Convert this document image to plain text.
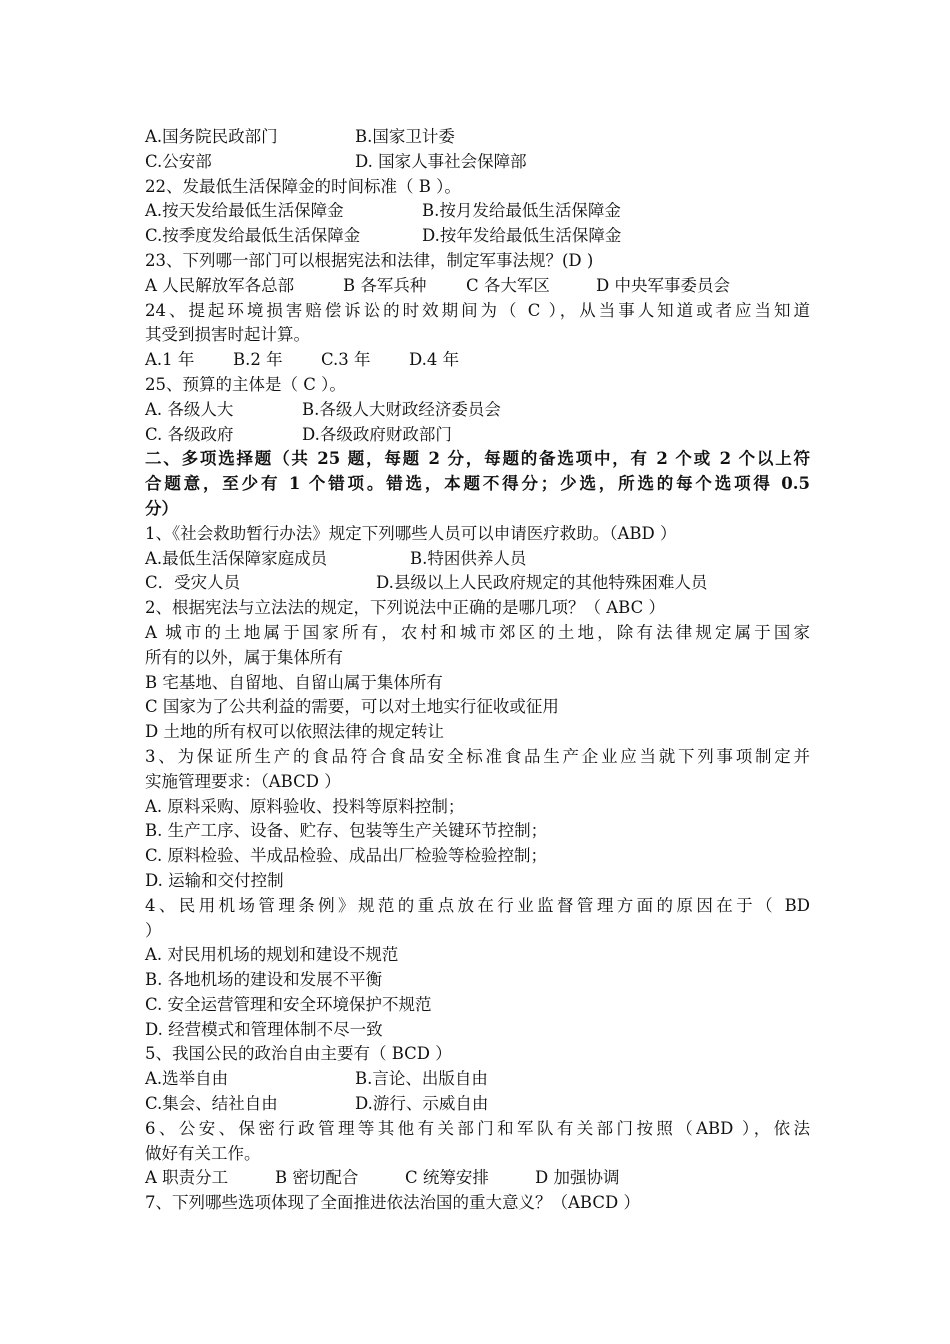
A.国务院民政部门	B.国家卫计委
C.公安部	D. 国家人事社会保障部
22、发最低生活保障金的时间标准（ B ）。
A.按天发给最低生活保障金	B.按月发给最低生活保障金
C.按季度发给最低生活保障金	D.按年发给最低生活保障金
23、下列哪一部门可以根据宪法和法律，制定军事法规？(D )
A 人民解放军各总部	B 各军兵种	C 各大军区	D 中央军事委员会
24、提起环境损害赔偿诉讼的时效期间为（ C ），从当事人知道或者应当知道
其受到损害时起计算。
A.1 年	B.2 年	C.3 年	D.4 年
25、预算的主体是（ C ）。
A. 各级人大	B.各级人大财政经济委员会
C. 各级政府	D.各级政府财政部门
二、多项选择题（共 25 题，每题 2 分，每题的备选项中，有 2 个或 2 个以上符
合题意，至少有 1 个错项。错选，本题不得分；少选，所选的每个选项得 0.5
分）
1、《社会救助暂行办法》规定下列哪些人员可以申请医疗救助。（ABD ）
A.最低生活保障家庭成员	B.特困供养人员
C．受灾人员	D.县级以上人民政府规定的其他特殊困难人员
2、根据宪法与立法法的规定，下列说法中正确的是哪几项？（ ABC ）
A 城市的土地属于国家所有，农村和城市郊区的土地，除有法律规定属于国家
所有的以外，属于集体所有
B 宅基地、自留地、自留山属于集体所有
C 国家为了公共利益的需要，可以对土地实行征收或征用
D 土地的所有权可以依照法律的规定转让
3、为保证所生产的食品符合食品安全标准食品生产企业应当就下列事项制定并
实施管理要求：（ABCD ）
A. 原料采购、原料验收、投料等原料控制；
B. 生产工序、设备、贮存、包装等生产关键环节控制；
C. 原料检验、半成品检验、成品出厂检验等检验控制；
D. 运输和交付控制
4、民用机场管理条例》规范的重点放在行业监督管理方面的原因在于（ BD
）
A. 对民用机场的规划和建设不规范
B. 各地机场的建设和发展不平衡
C. 安全运营管理和安全环境保护不规范
D. 经营模式和管理体制不尽一致
5、我国公民的政治自由主要有（ BCD ）
A.选举自由	B.言论、出版自由
C.集会、结社自由	D.游行、示威自由
6、公安、保密行政管理等其他有关部门和军队有关部门按照（ABD ），依法
做好有关工作。
A 职责分工	B 密切配合	C 统筹安排	D 加强协调
7、下列哪些选项体现了全面推进依法治国的重大意义？（ABCD ）
